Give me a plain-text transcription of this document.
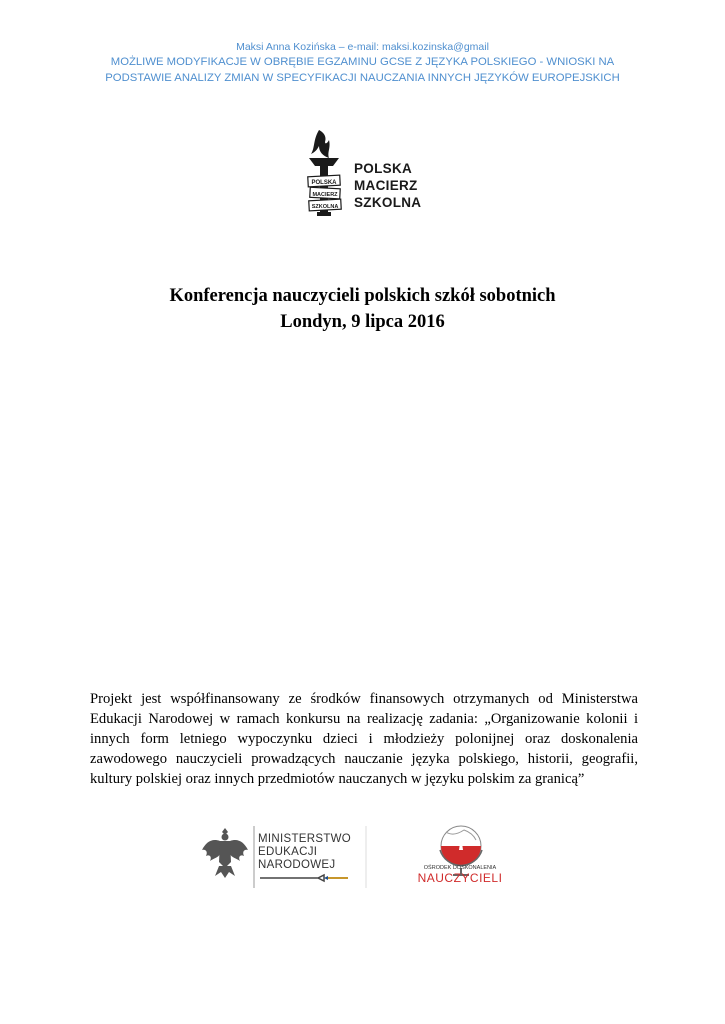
Maksi Anna Kozińska – e-mail: maksi.kozinska@gmail
MOŻLIWE MODYFIKACJE W OBRĘBIE EGZAMINU GCSE Z JĘZYKA POLSKIEGO - WNIOSKI NA
PODSTAWIE ANALIZY ZMIAN W SPECYFIKACJI NAUCZANIA INNYCH JĘZYKÓW EUROPEJSKICH
POLSKA
MACIERZ
SZKOLNA
POLSKA
MACIERZ
SZKOLNA
Konferencja nauczycieli polskich szkół sobotnich
Londyn, 9 lipca 2016
Projekt jest współfinansowany ze środków finansowych otrzymanych od Ministerstwa Edukacji Narodowej w ramach konkursu na realizację zadania: „Organizowanie kolonii i innych form letniego wypoczynku dzieci i młodzieży polonijnej oraz doskonalenia zawodowego nauczycieli prowadzących nauczanie języka polskiego, historii, geografii, kultury polskiej oraz innych przedmiotów nauczanych w języku polskim za granicą”
MINISTERSTWO
EDUKACJI
NARODOWEJ	OŚRODEK DOSKONALENIA
NAUCZYCIELI
